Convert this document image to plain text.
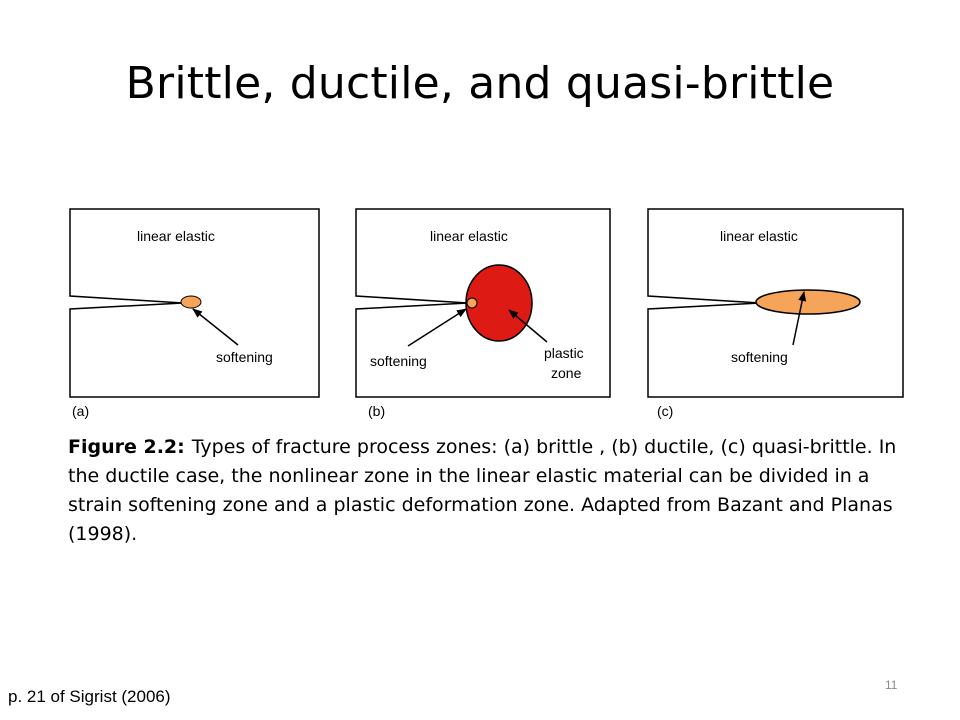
Brittle, ductile, and quasi-brittle
linear elastic
softening
(a)
linear elastic
softening	plastic
zone
(b)
linear elastic
softening
(c)
Figure 2.2: Types of fracture process zones: (a) brittle , (b) ductile, (c) quasi-brittle. In the ductile case, the nonlinear zone in the linear elastic material can be divided in a strain softening zone and a plastic deformation zone. Adapted from Bazant and Planas (1998).
p. 21 of Sigrist (2006)
11
